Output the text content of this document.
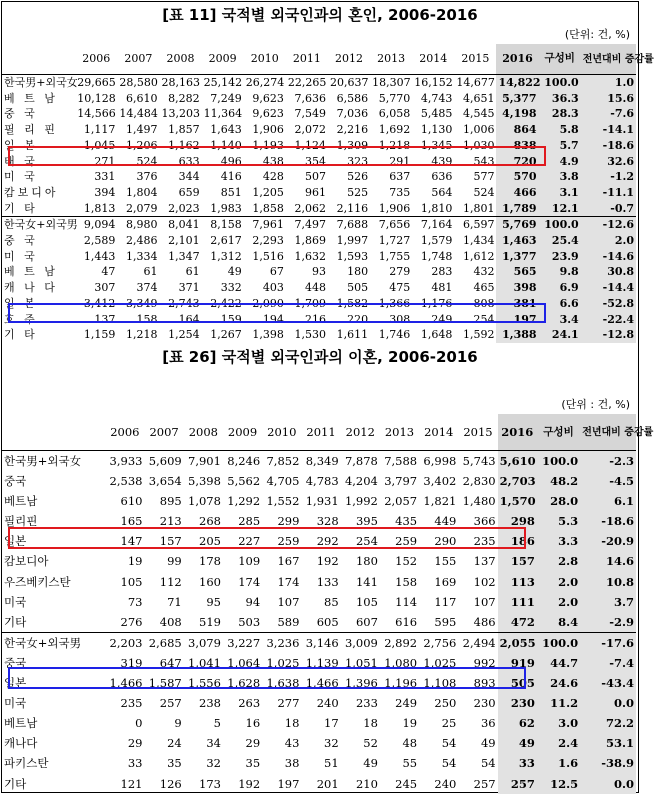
[표 11] 국적별 외국인과의 혼인, 2006-2016
(단위: 건, %)
	2006	2007	2008	2009	2010	2011	2012	2013	2014	2015	2016	구성비	전년대비 증감률
한국男+외국女	29,665	28,580	28,163	25,142	26,274	22,265	20,637	18,307	16,152	14,677	14,822	100.0	1.0
베 트 남	10,128	6,610	8,282	7,249	9,623	7,636	6,586	5,770	4,743	4,651	5,377	36.3	15.6
중 국	14,566	14,484	13,203	11,364	9,623	7,549	7,036	6,058	5,485	4,545	4,198	28.3	-7.6
필 리 핀	1,117	1,497	1,857	1,643	1,906	2,072	2,216	1,692	1,130	1,006	864	5.8	-14.1
일 본	1,045	1,206	1,162	1,140	1,193	1,124	1,309	1,218	1,345	1,030	838	5.7	-18.6
태 국	271	524	633	496	438	354	323	291	439	543	720	4.9	32.6
미 국	331	376	344	416	428	507	526	637	636	577	570	3.8	-1.2
캄보디아	394	1,804	659	851	1,205	961	525	735	564	524	466	3.1	-11.1
기 타	1,813	2,079	2,023	1,983	1,858	2,062	2,116	1,906	1,810	1,801	1,789	12.1	-0.7
한국女+외국男	9,094	8,980	8,041	8,158	7,961	7,497	7,688	7,656	7,164	6,597	5,769	100.0	-12.6
중 국	2,589	2,486	2,101	2,617	2,293	1,869	1,997	1,727	1,579	1,434	1,463	25.4	2.0
미 국	1,443	1,334	1,347	1,312	1,516	1,632	1,593	1,755	1,748	1,612	1,377	23.9	-14.6
베 트 남	47	61	61	49	67	93	180	279	283	432	565	9.8	30.8
캐 나 다	307	374	371	332	403	448	505	475	481	465	398	6.9	-14.4
일 본	3,412	3,349	2,743	2,422	2,090	1,709	1,582	1,366	1,176	808	381	6.6	-52.8
호 주	137	158	164	159	194	216	220	308	249	254	197	3.4	-22.4
기 타	1,159	1,218	1,254	1,267	1,398	1,530	1,611	1,746	1,648	1,592	1,388	24.1	-12.8
[표 26] 국적별 외국인과의 이혼, 2006-2016
(단위 : 건, %)
	2006	2007	2008	2009	2010	2011	2012	2013	2014	2015	2016	구성비	전년대비 증감률
한국男+외국女	3,933	5,609	7,901	8,246	7,852	8,349	7,878	7,588	6,998	5,743	5,610	100.0	-2.3
중국	2,538	3,654	5,398	5,562	4,705	4,783	4,204	3,797	3,402	2,830	2,703	48.2	-4.5
베트남	610	895	1,078	1,292	1,552	1,931	1,992	2,057	1,821	1,480	1,570	28.0	6.1
필리핀	165	213	268	285	299	328	395	435	449	366	298	5.3	-18.6
일본	147	157	205	227	259	292	254	259	290	235	186	3.3	-20.9
캄보디아	19	99	178	109	167	192	180	152	155	137	157	2.8	14.6
우즈베키스탄	105	112	160	174	174	133	141	158	169	102	113	2.0	10.8
미국	73	71	95	94	107	85	105	114	117	107	111	2.0	3.7
기타	276	408	519	503	589	605	607	616	595	486	472	8.4	-2.9
한국女+외국男	2,203	2,685	3,079	3,227	3,236	3,146	3,009	2,892	2,756	2,494	2,055	100.0	-17.6
중국	319	647	1,041	1,064	1,025	1,139	1,051	1,080	1,025	992	919	44.7	-7.4
일본	1,466	1,587	1,556	1,628	1,638	1,466	1,396	1,196	1,108	893	505	24.6	-43.4
미국	235	257	238	263	277	240	233	249	250	230	230	11.2	0.0
베트남	0	9	5	16	18	17	18	19	25	36	62	3.0	72.2
캐나다	29	24	34	29	43	32	52	48	54	49	49	2.4	53.1
파키스탄	33	35	32	35	38	51	49	55	54	54	33	1.6	-38.9
기타	121	126	173	192	197	201	210	245	240	257	257	12.5	0.0
